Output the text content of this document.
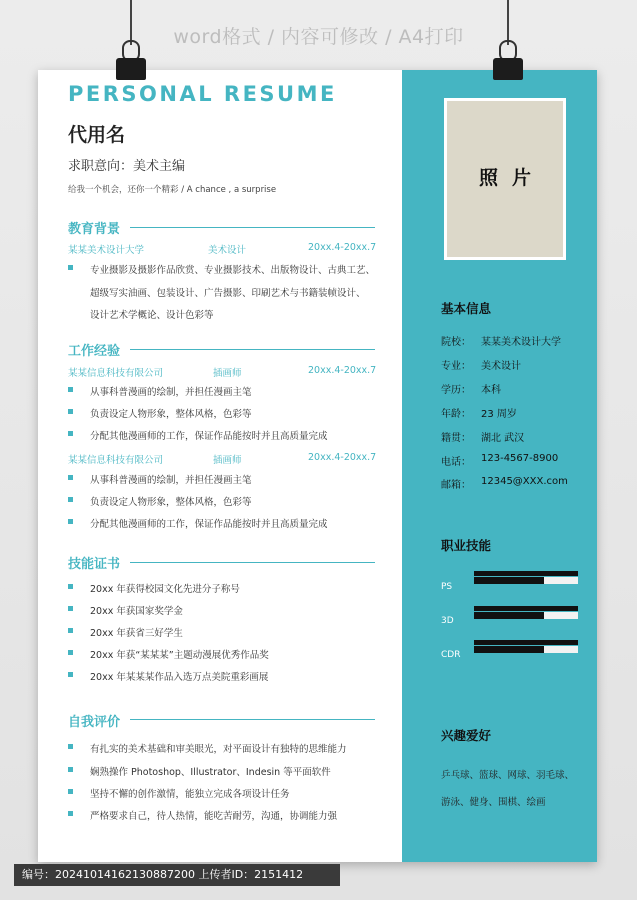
word格式 / 内容可修改 / A4打印
PERSONAL RESUME
代用名
求职意向：美术主编
给我一个机会，还你一个精彩 / A chance , a surprise
教育背景
某某美术设计大学	美术设计	20xx.4-20xx.7
专业摄影及摄影作品欣赏、专业摄影技术、出版物设计、古典工艺、
超级写实油画、包装设计、广告摄影、印刷艺术与书籍装帧设计、
设计艺术学概论、设计色彩等
工作经验
某某信息科技有限公司	插画师	20xx.4-20xx.7
从事科普漫画的绘制，并担任漫画主笔
负责设定人物形象，整体风格，色彩等
分配其他漫画师的工作，保证作品能按时并且高质量完成
某某信息科技有限公司	插画师	20xx.4-20xx.7
从事科普漫画的绘制，并担任漫画主笔
负责设定人物形象，整体风格，色彩等
分配其他漫画师的工作，保证作品能按时并且高质量完成
技能证书
20xx 年获得校园文化先进分子称号
20xx 年获国家奖学金
20xx 年获省三好学生
20xx 年获“某某某”主题动漫展优秀作品奖
20xx 年某某某作品入选万点美院重彩画展
自我评价
有扎实的美术基础和审美眼光，对平面设计有独特的思维能力
娴熟操作 Photoshop、Illustrator、Indesin 等平面软件
坚持不懈的创作激情，能独立完成各项设计任务
严格要求自己，待人热情，能吃苦耐劳，沟通，协调能力强
照片
基本信息
院校： 某某美术设计大学
专业： 美术设计
学历： 本科
年龄： 23 周岁
籍贯： 湖北 武汉
电话： 123-4567-8900
邮箱： 12345@XXX.com
职业技能
PS
3D
CDR
兴趣爱好
乒乓球、篮球、网球、羽毛球、
游泳、健身、围棋、绘画
编号：20241014162130887200 上传者ID：2151412
